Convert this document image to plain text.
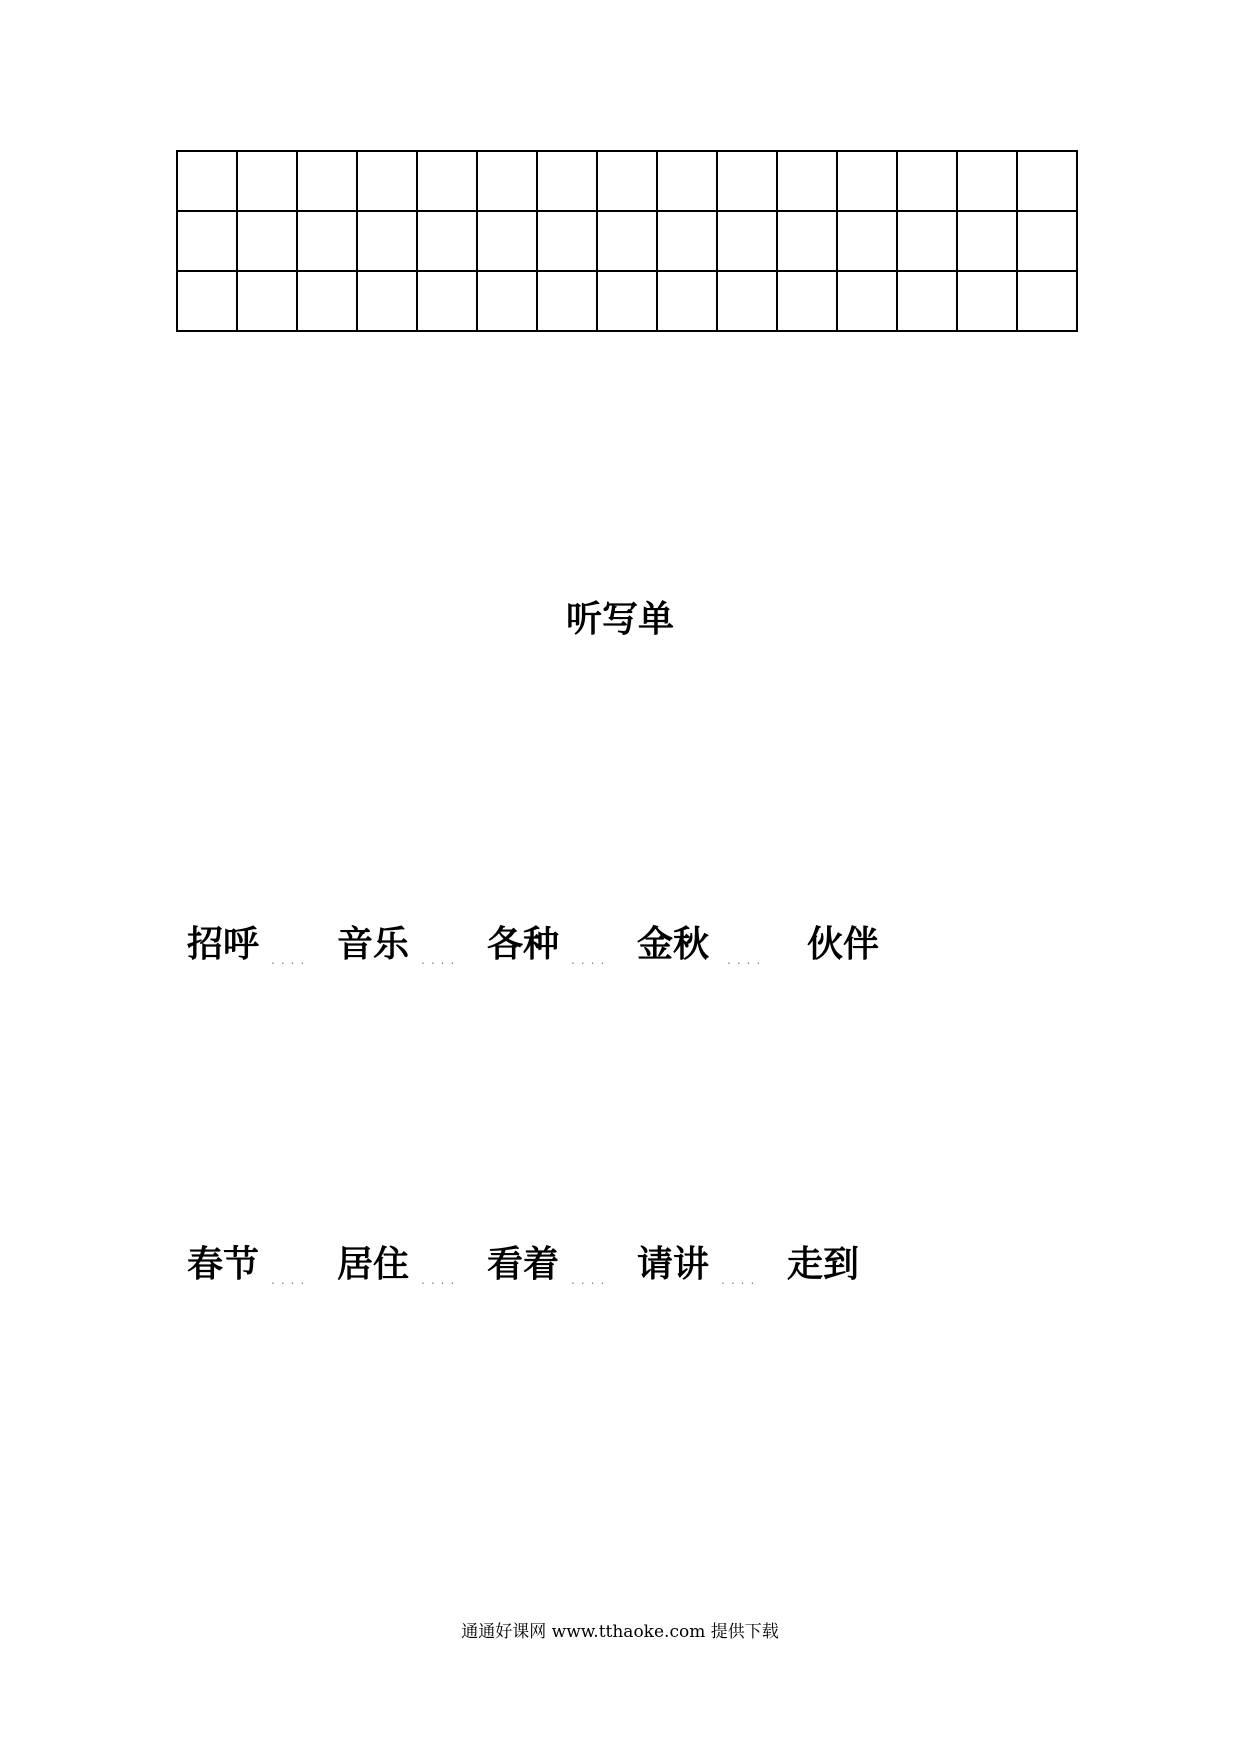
听写单
招呼 .... 音乐 .... 各种 .... 金秋 .... 伙伴
春节 .... 居住 .... 看着 .... 请讲 .... 走到
通通好课网 www.tthaoke.com 提供下载
